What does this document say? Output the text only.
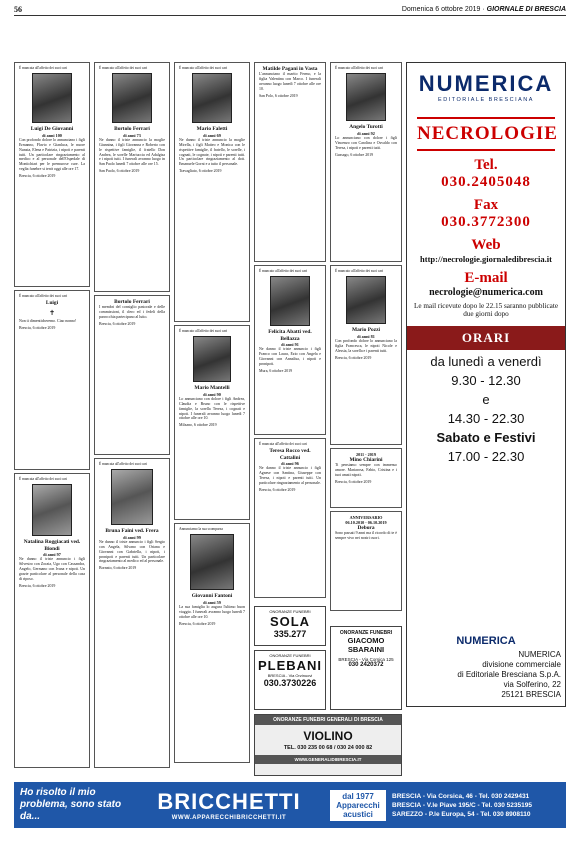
56	Domenica 6 ottobre 2019 · GIORNALE DI BRESCIA
È mancata all'affetto dei suoi cari
Luigi De Giovanni
di anni 100
Con profondo dolore lo annunciano i figli Ermanno, Flavio e Gianluca, le nuore Nunzia, Elena e Patrizia, i nipoti e parenti tutti. Un particolare ringraziamento al medico e al personale dell'Ospedale di Montichiari per le premurose cure. La veglia funebre si terrà oggi alle ore 17.
Brescia, 6 ottobre 2019
È mancato all'affetto dei suoi cari
Luigi
✝
Non ti dimenticheremo. Ciao nonno!
Brescia, 6 ottobre 2019
È mancata all'affetto dei suoi cari
Natalina Roggiacati ved. Biondi
di anni 97
Ne danno il triste annuncio i figli Silvestro con Zoraia, Ugo con Cassandra, Angelo, Germano con Ivana e nipoti. Un grazie particolare al personale della casa di riposo.
Brescia, 6 ottobre 2019
È mancato all'affetto dei suoi cari
Bortolo Ferrari
di anni 73
Ne danno il triste annuncio la moglie Giannina, i figli Giovanna e Roberto con le rispettive famiglie, il fratello Don Andrea, le sorelle Mariuccia ed Adalgisa e i nipoti tutti. I funerali avranno luogo in San Paolo lunedì 7 ottobre alle ore 15.
San Paolo, 6 ottobre 2019
Bortolo Ferrari
I membri del consiglio pastorale e delle commissioni, il clero ed i fedeli della parrocchia partecipano al lutto.
Brescia, 6 ottobre 2019
È mancata all'affetto dei suoi cari
Bruna Faini ved. Frera
di anni 99
Ne danno il triste annuncio i figli Sergio con Angela, Silvano con Oriana e Giovanni con Gabriella, i nipoti, i pronipoti e parenti tutti. Un particolare ringraziamento al medico ed al personale.
Bornato, 6 ottobre 2019
È mancato all'affetto dei suoi cari
Mario Faletti
di anni 69
Ne danno il triste annuncio la moglie Mirella, i figli Matteo e Monica con le rispettive famiglie, il fratello, le sorelle, i cognati, le cognate, i nipoti e parenti tutti. Un particolare ringraziamento al dott. Emanuele Gorni e a tutto il personale.
Travagliato, 6 ottobre 2019
È mancato all'affetto dei suoi cari
Mario Mantelli
di anni 90
Lo annunciano con dolore i figli Andrea, Claudia e Bruno con le rispettive famiglie, la sorella Teresa, i cognati e nipoti. I funerali avranno luogo lunedì 7 ottobre alle ore 10.
Milzano, 6 ottobre 2019
Annunciamo la sua scomparsa
Giovanni Fantoni
di anni 59
La sua famiglia lo augura l'ultimo buon viaggio. I funerali avranno luogo lunedì 7 ottobre alle ore 10.
Brescia, 6 ottobre 2019
Matilde Pagani in Vasta
L'annunciano il marito Fermo, e la figlia Valentina con Marco. I funerali avranno luogo lunedì 7 ottobre alle ore 10.
San Polo, 6 ottobre 2019
È mancato all'affetto dei suoi cari
Felicita Abatti ved. Bellazza
di anni 91
Ne danno il triste annuncio i figli Franco con Laura, Ezio con Angela e Giovanni con Annalisa, i nipoti e pronipoti.
Mura, 6 ottobre 2019
È mancata all'affetto dei suoi cari
Teresa Rocco ved. Cattalini
di anni 96
Ne danno il triste annuncio i figli Agnese con Santina, Giuseppe con Teresa, i nipoti e parenti tutti. Un particolare ringraziamento al personale.
Brescia, 6 ottobre 2019
È mancato all'affetto dei suoi cari
Angelo Turotti
di anni 92
Lo annunciano con dolore i figli Vincenzo con Carolina e Osvaldo con Teresa, i nipoti e parenti tutti.
Gussago, 6 ottobre 2019
È mancato all'affetto dei suoi cari
Mario Pozzi
di anni 81
Con profondo dolore lo annunciano la figlia Francesca, le nipoti Nicole e Alessia, la sorella e i parenti tutti.
Brescia, 6 ottobre 2019
2011 - 2019
Mino Chiarini
Ti pensiamo sempre con immenso amore. Mariarosa, Fabio, Cristina e i tuoi amati nipoti.
Brescia, 6 ottobre 2019
ANNIVERSARIO
06.10.2010 - 06.10.2019
Debora
Sono passati 9 anni ma il ricordo di te è sempre vivo nei nostri cuori.
ONORANZE FUNEBRI
SOLA
335.277
ONORANZE FUNEBRI
PLEBANI
BRESCIA - Via Orzinuovi
030.3730226
ONORANZE FUNEBRI
GIACOMO SBARAINI
BRESCIA - Via Corsica 125
030 2420372
ONORANZE FUNEBRI GENERALI DI BRESCIA
VIOLINO
TEL. 030 235 00 68 / 030 24 000 82
WWW.GENERALIDIBRESCIA.IT
NUMERICA
EDITORIALE BRESCIANA
NECROLOGIE
Tel.
030.2405048
Fax
030.3772300
Web
http://necrologie.giornaledibrescia.it
E-mail
necrologie@numerica.com
Le mail ricevute dopo le 22.15 saranno pubblicate due giorni dopo
ORARI
da lunedì a venerdì
9.30 - 12.30
e
14.30 - 22.30
Sabato e Festivi
17.00 - 22.30
NUMERICA
NUMERICA
divisione commerciale
di Editoriale Bresciana S.p.A.
via Solferino, 22
25121 BRESCIA
Ho risolto il mio problema, sono stato da...
BRICCHETTI
WWW.APPARECCHIBRICCHETTI.IT
dal 1977 Apparecchi acustici
BRESCIA - Via Corsica, 46 - Tel. 030 2429431
BRESCIA - V.le Piave 195/C - Tel. 030 5235195
SAREZZO - P.le Europa, 54 - Tel. 030 8908110
